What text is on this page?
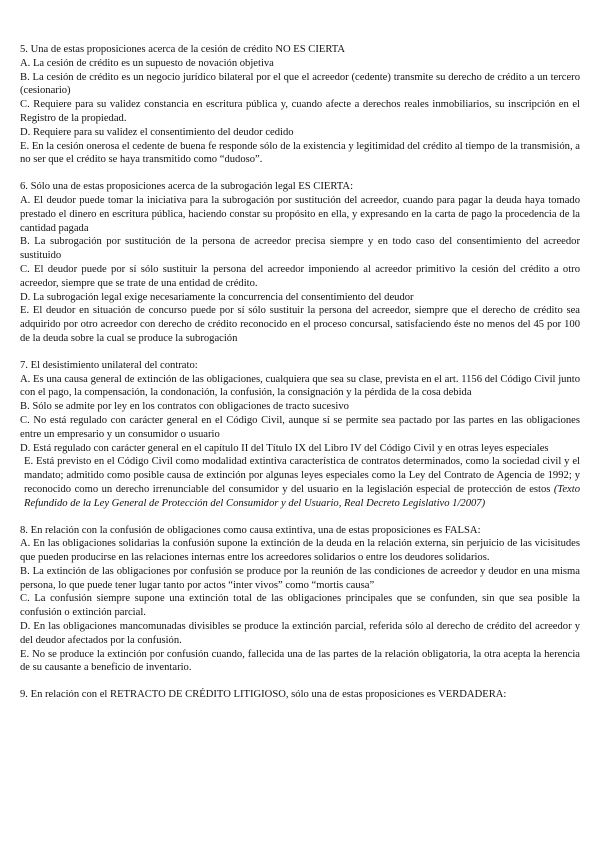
5. Una de estas proposiciones acerca de la cesión de crédito NO ES CIERTA

A. La cesión de crédito es un supuesto de novación objetiva

B. La cesión de crédito es un negocio jurídico bilateral por el que el acreedor (cedente) transmite su derecho de crédito a un tercero (cesionario)

C. Requiere para su validez constancia en escritura pública y, cuando afecte a derechos reales inmobiliarios, su inscripción en el Registro de la propiedad.

D. Requiere para su validez el consentimiento del deudor cedido

E. En la cesión onerosa el cedente de buena fe responde sólo de la existencia y legitimidad del crédito al tiempo de la transmisión, a no ser que el crédito se haya transmitido como “dudoso”.

6. Sólo una de estas proposiciones acerca de la subrogación legal ES CIERTA:

A. El deudor puede tomar la iniciativa para la subrogación por sustitución del acreedor, cuando para pagar la deuda haya tomado prestado el dinero en escritura pública, haciendo constar su propósito en ella, y expresando en la carta de pago la procedencia de la cantidad pagada

B. La subrogación por sustitución de la persona de acreedor precisa siempre y en todo caso del consentimiento del acreedor sustituido

C. El deudor puede por sí sólo sustituir la persona del acreedor imponiendo al acreedor primitivo la cesión del crédito a otro acreedor, siempre que se trate de una entidad de crédito.

D. La subrogación legal exige necesariamente la concurrencia del consentimiento del deudor

E. El deudor en situación de concurso puede por sí sólo sustituir la persona del acreedor, siempre que el derecho de crédito sea adquirido por otro acreedor con derecho de crédito reconocido en el proceso concursal, satisfaciendo éste no menos del 45 por 100 de la deuda sobre la cual se produce la subrogación

7. El desistimiento unilateral del contrato:

A. Es una causa general de extinción de las obligaciones, cualquiera que sea su clase, prevista en el art. 1156 del Código Civil junto con el pago, la compensación, la condonación, la confusión, la consignación y la pérdida de la cosa debida

B. Sólo se admite por ley en los contratos con obligaciones de tracto sucesivo

C. No está regulado con carácter general en el Código Civil, aunque sí se permite sea pactado por las partes en las obligaciones entre un empresario y un consumidor o usuario

D. Está regulado con carácter general en el capítulo II del Título IX del Libro IV del Código Civil y en otras leyes especiales

E. Está previsto en el Código Civil como modalidad extintiva característica de contratos determinados, como la sociedad civil y el mandato; admitido como posible causa de extinción por algunas leyes especiales como la Ley del Contrato de Agencia de 1992; y reconocido como un derecho irrenunciable del consumidor y del usuario en la legislación especial de protección de estos (Texto Refundido de la Ley General de Protección del Consumidor y del Usuario, Real Decreto Legislativo 1/2007)

8. En relación con la confusión de obligaciones como causa extintiva, una de estas proposiciones es FALSA:

A. En las obligaciones solidarias la confusión supone la extinción de la deuda en la relación externa, sin perjuicio de las vicisitudes que pueden producirse en las relaciones internas entre los acreedores solidarios o entre los deudores solidarios.

B. La extinción de las obligaciones por confusión se produce por la reunión de las condiciones de acreedor y deudor en una misma persona, lo que puede tener lugar tanto por actos “inter vivos” como “mortis causa”

C. La confusión siempre supone una extinción total de las obligaciones principales que se confunden, sin que sea posible la confusión o extinción parcial.

D. En las obligaciones mancomunadas divisibles se produce la extinción parcial, referida sólo al derecho de crédito del acreedor y del deudor afectados por la confusión.

E. No se produce la extinción por confusión cuando, fallecida una de las partes de la relación obligatoria, la otra acepta la herencia de su causante a beneficio de inventario.

9. En relación con el RETRACTO DE CRÉDITO LITIGIOSO, sólo una de estas proposiciones es VERDADERA:
